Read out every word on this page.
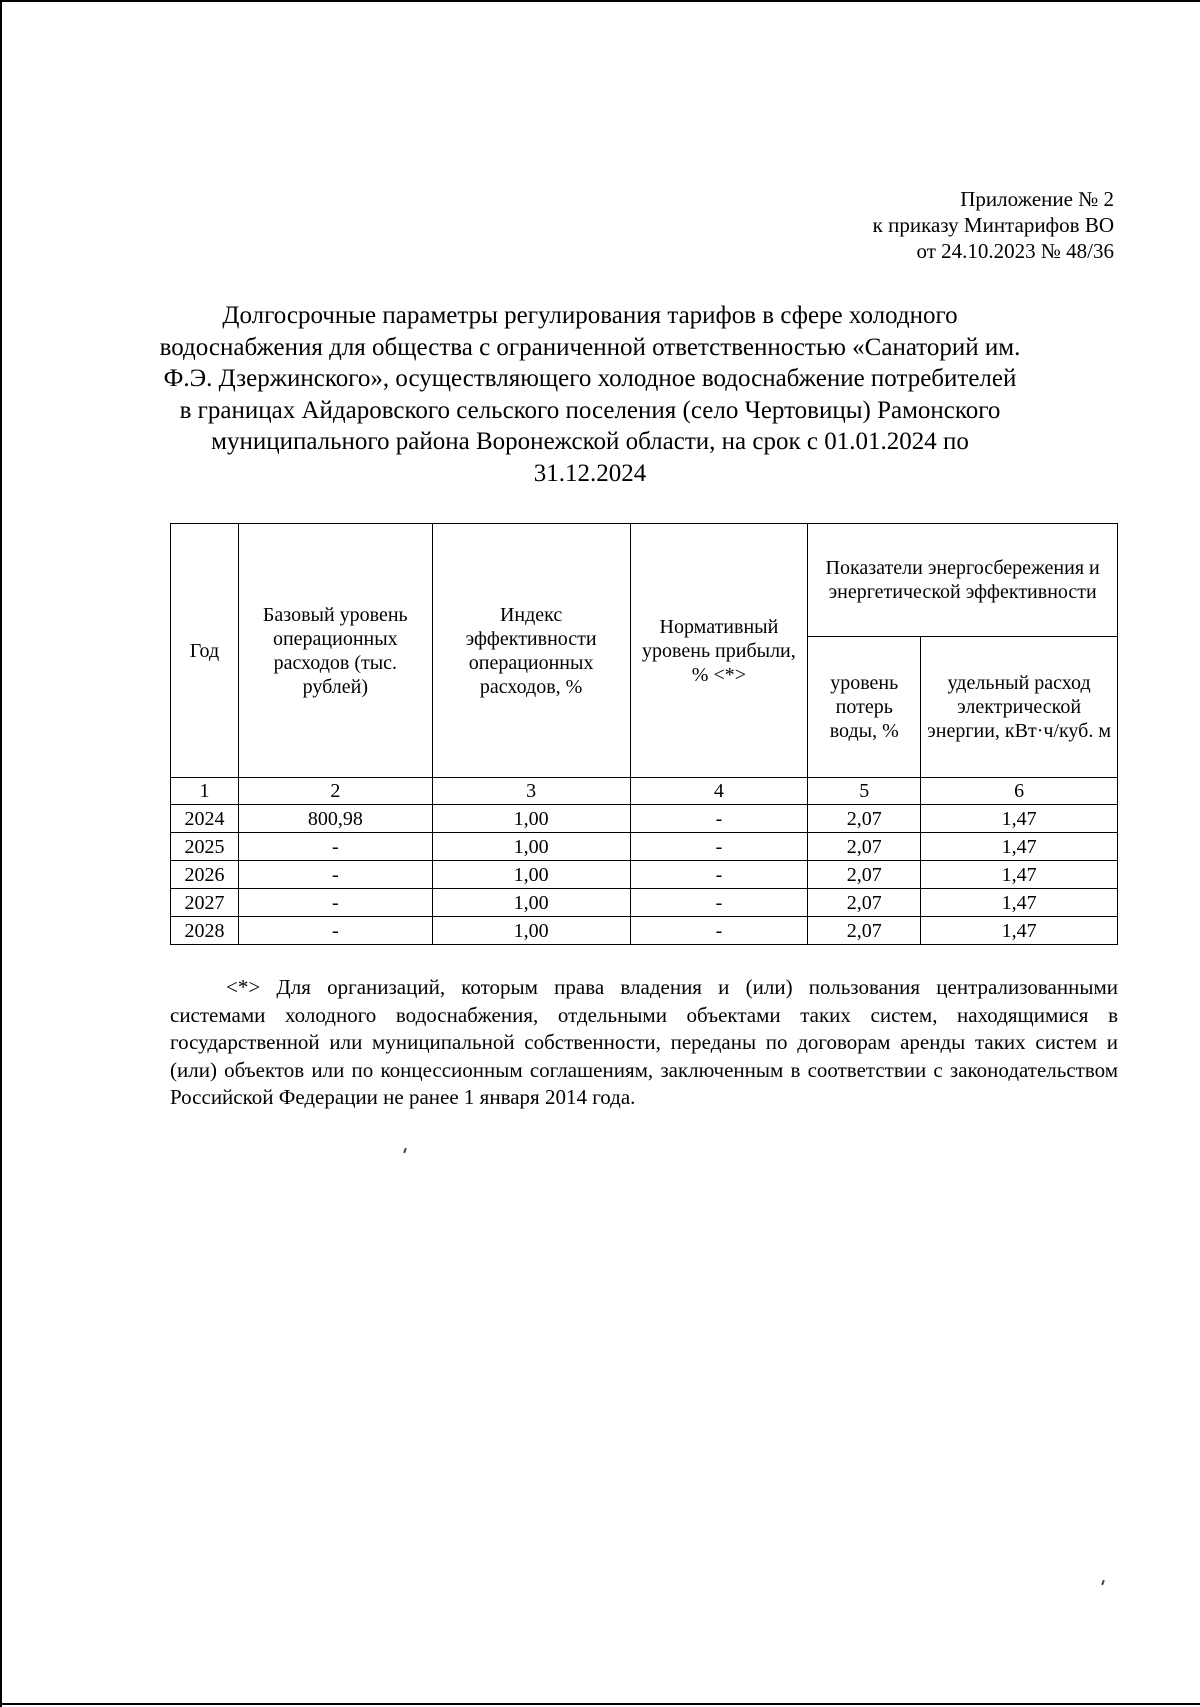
Приложение № 2
к приказу Минтарифов ВО
от 24.10.2023 № 48/36
Долгосрочные параметры регулирования тарифов в сфере холодного
водоснабжения для общества с ограниченной ответственностью «Санаторий им.
Ф.Э. Дзержинского», осуществляющего холодное водоснабжение потребителей
в границах Айдаровского сельского поселения (село Чертовицы) Рамонского
муниципального района Воронежской области, на срок с 01.01.2024 по
31.12.2024
Год	Базовый уровень операционных расходов (тыс. рублей)	Индекс эффективности операционных расходов, %	Нормативный уровень прибыли, % <*>	Показатели энергосбережения и энергетической эффективности	
				уровень потерь воды, %	удельный расход электрической энергии, кВт·ч/куб. м
1	2	3	4	5	6
2024	800,98	1,00	-	2,07	1,47
2025	-	1,00	-	2,07	1,47
2026	-	1,00	-	2,07	1,47
2027	-	1,00	-	2,07	1,47
2028	-	1,00	-	2,07	1,47

<*> Для организаций, которым права владения и (или) пользования централизованными системами холодного водоснабжения, отдельными объектами таких систем, находящимися в государственной или муниципальной собственности, переданы по договорам аренды таких систем и (или) объектов или по концессионным соглашениям, заключенным в соответствии с законодательством Российской Федерации не ранее 1 января 2014 года.
